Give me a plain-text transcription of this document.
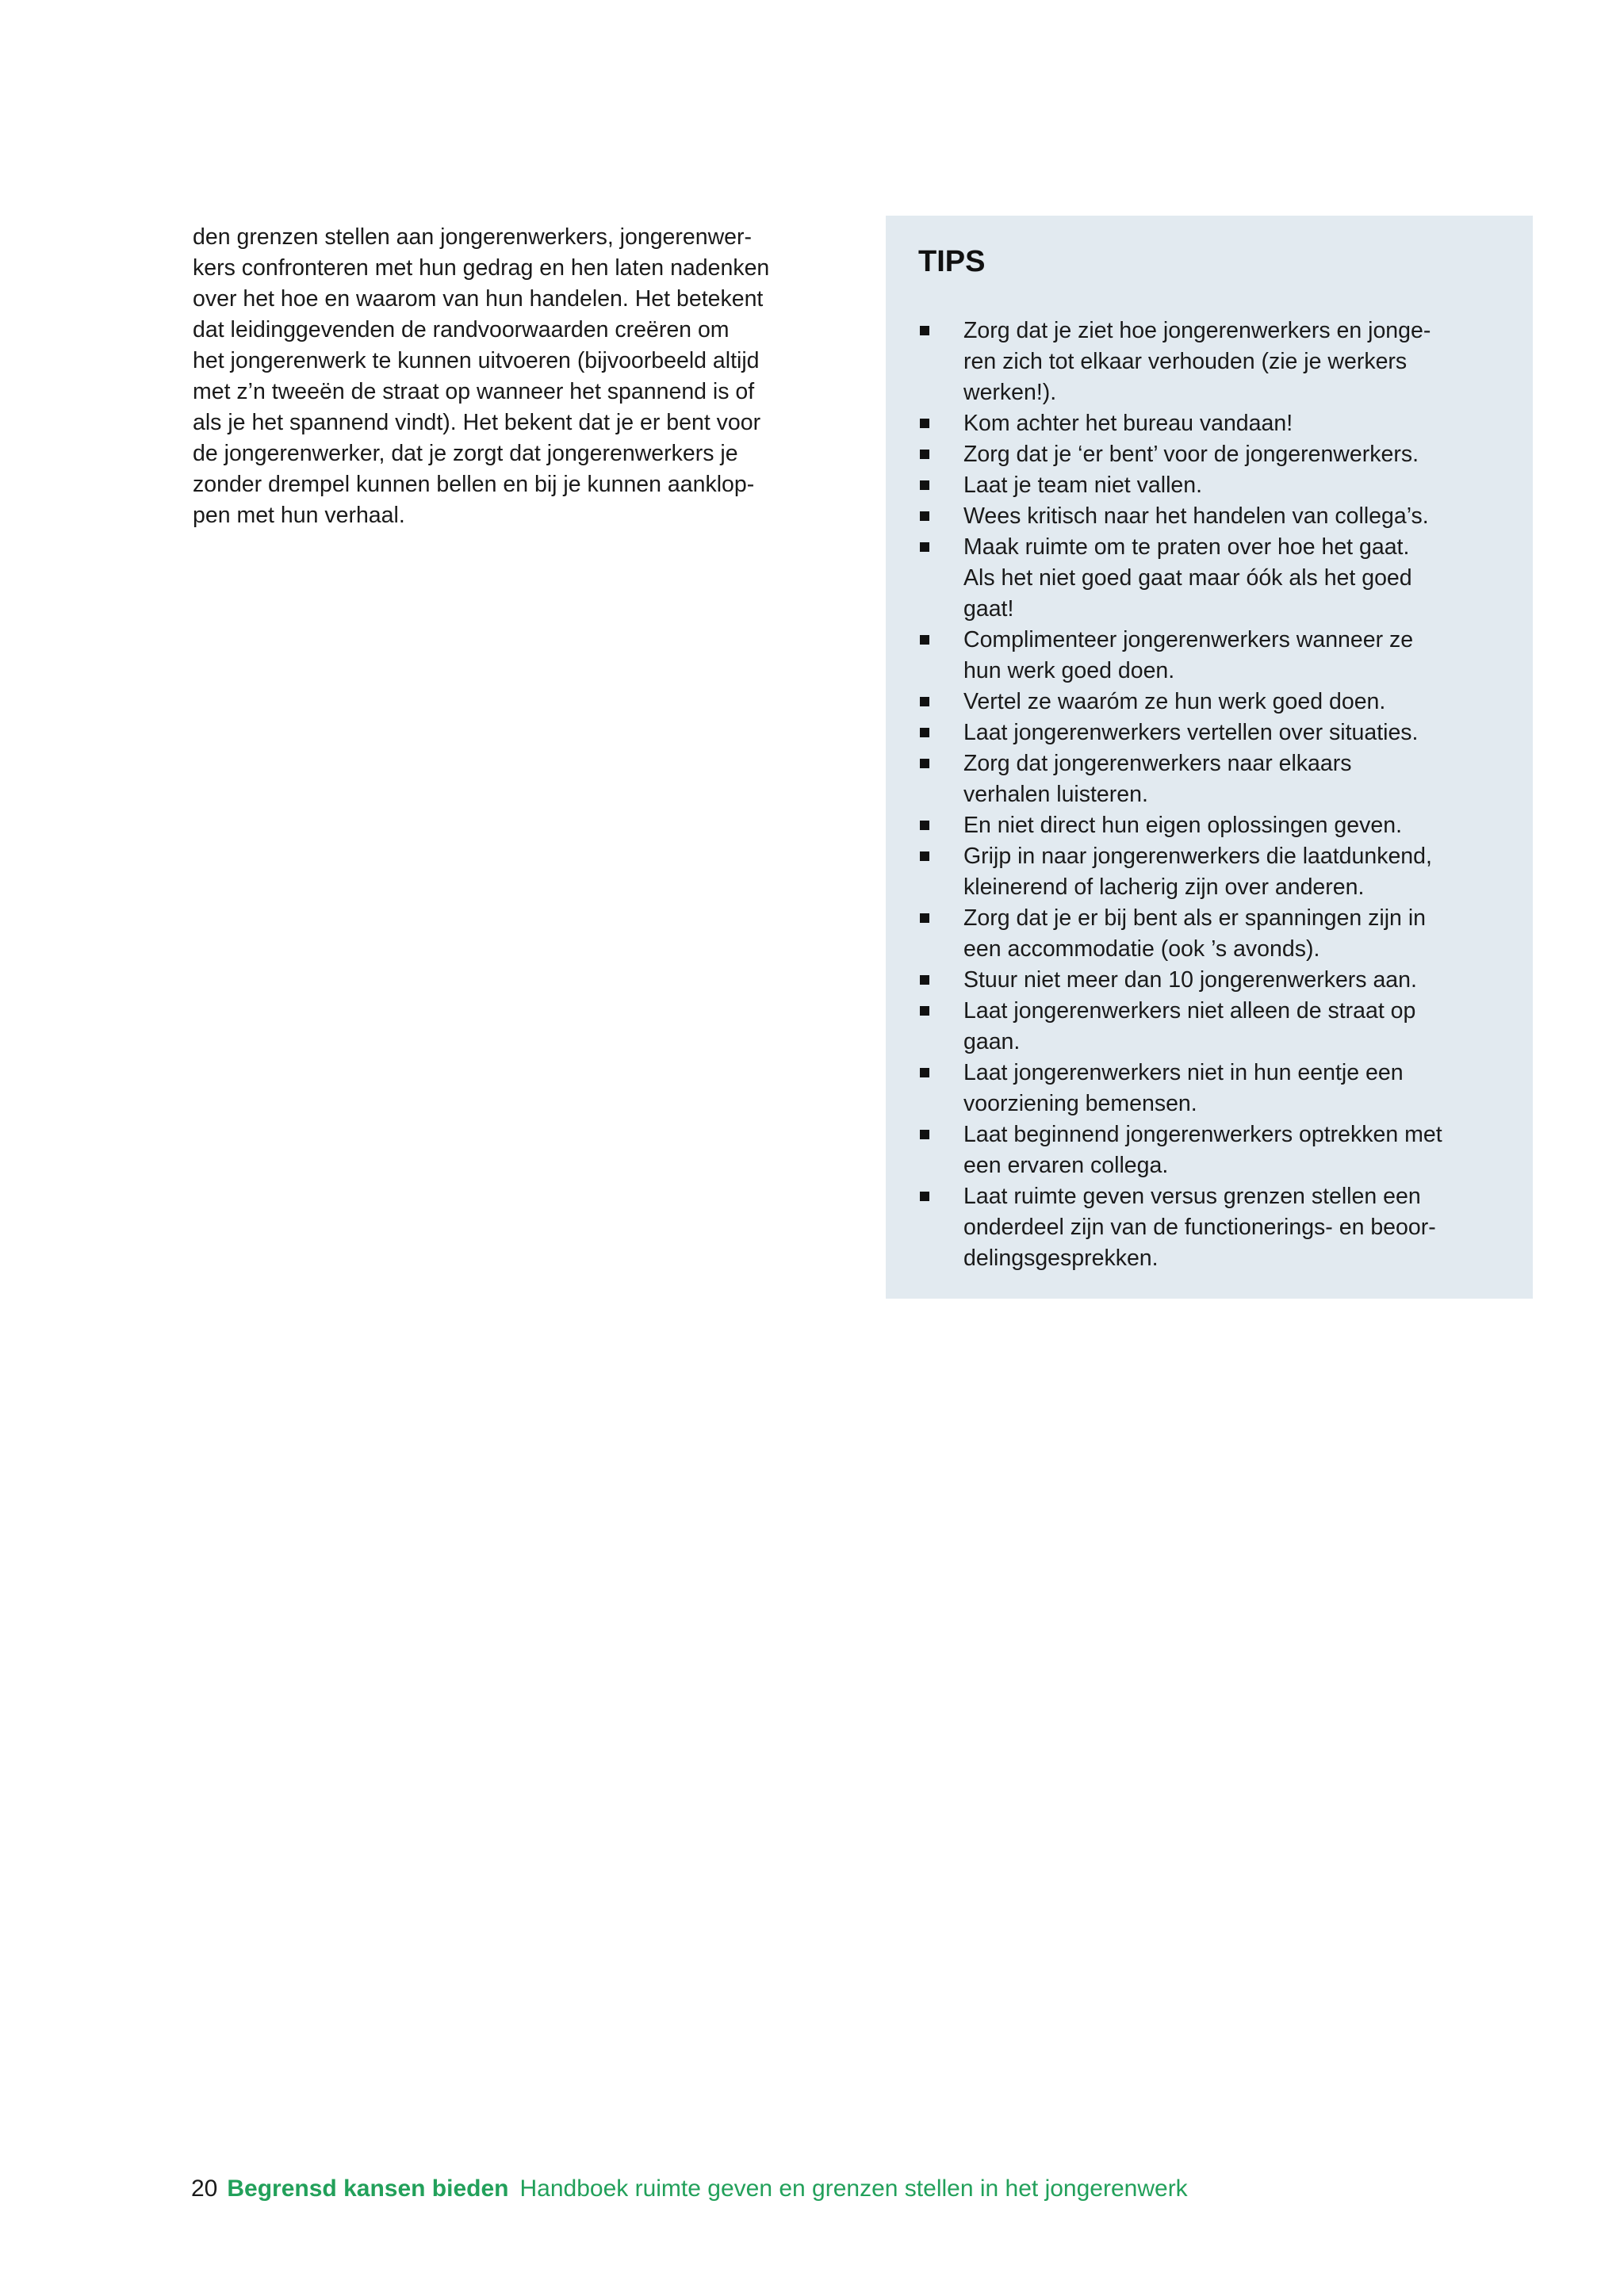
den grenzen stellen aan jongerenwerkers, jongerenwer-
kers confronteren met hun gedrag en hen laten nadenken
over het hoe en waarom van hun handelen. Het betekent
dat leidinggevenden de randvoorwaarden creëren om
het jongerenwerk te kunnen uitvoeren (bijvoorbeeld altijd
met z’n tweeën de straat op wanneer het spannend is of
als je het spannend vindt). Het bekent dat je er bent voor
de jongerenwerker, dat je zorgt dat jongerenwerkers je
zonder drempel kunnen bellen en bij je kunnen aanklop-
pen met hun verhaal.
TIPS
Zorg dat je ziet hoe jongerenwerkers en jonge-
ren zich tot elkaar verhouden (zie je werkers
werken!).
Kom achter het bureau vandaan!
Zorg dat je ‘er bent’ voor de jongerenwerkers.
Laat je team niet vallen.
Wees kritisch naar het handelen van collega’s.
Maak ruimte om te praten over hoe het gaat.
Als het niet goed gaat maar óók als het goed
gaat!
Complimenteer jongerenwerkers wanneer ze
hun werk goed doen.
Vertel ze waaróm ze hun werk goed doen.
Laat jongerenwerkers vertellen over situaties.
Zorg dat jongerenwerkers naar elkaars
verhalen luisteren.
En niet direct hun eigen oplossingen geven.
Grijp in naar jongerenwerkers die laatdunkend,
kleinerend of lacherig zijn over anderen.
Zorg dat je er bij bent als er spanningen zijn in
een accommodatie (ook ’s avonds).
Stuur niet meer dan 10 jongerenwerkers aan.
Laat jongerenwerkers niet alleen de straat op
gaan.
Laat jongerenwerkers niet in hun eentje een
voorziening bemensen.
Laat beginnend jongerenwerkers optrekken met
een ervaren collega.
Laat ruimte geven versus grenzen stellen een
onderdeel zijn van de functionerings- en beoor-
delingsgesprekken.
20 Begrensd kansen bieden Handboek ruimte geven en grenzen stellen in het jongerenwerk
